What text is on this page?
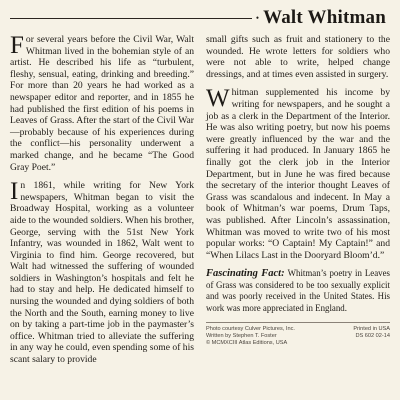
• Walt Whitman

For several years before the Civil War, Walt Whitman lived in the bohemian style of an artist. He described his life as “turbulent, fleshy, sensual, eating, drinking and breeding.” For more than 20 years he had worked as a newspaper editor and reporter, and in 1855 he had published the first edition of his poems in Leaves of Grass. After the start of the Civil War—probably because of his experiences during the conflict—his personality underwent a marked change, and he became “The Good Gray Poet.”

In 1861, while writing for New York newspapers, Whitman began to visit the Broadway Hospital, working as a volunteer aide to the wounded soldiers. When his brother, George, serving with the 51st New York Infantry, was wounded in 1862, Walt went to Virginia to find him. George recovered, but Walt had witnessed the suffering of wounded soldiers in Washington’s hospitals and felt he had to stay and help. He dedicated himself to nursing the wounded and dying soldiers of both the North and the South, earning money to live on by taking a part-time job in the paymaster’s office. Whitman tried to alleviate the suffering in any way he could, even spending some of his scant salary to provide

small gifts such as fruit and stationery to the wounded. He wrote letters for soldiers who were not able to write, helped change dressings, and at times even assisted in surgery.

Whitman supplemented his income by writing for newspapers, and he sought a job as a clerk in the Department of the Interior. He was also writing poetry, but now his poems were greatly influenced by the war and the suffering it had produced. In January 1865 he finally got the clerk job in the Interior Department, but in June he was fired because the secretary of the interior thought Leaves of Grass was scandalous and indecent. In May a book of Whitman’s war poems, Drum Taps, was published. After Lincoln’s assassination, Whitman was moved to write two of his most popular works: “O Captain! My Captain!” and “When Lilacs Last in the Dooryard Bloom’d.”

Fascinating Fact: Whitman’s poetry in Leaves of Grass was considered to be too sexually explicit and was poorly received in the United States. His work was more appreciated in England.

Photo courtesy Culver Pictures, Inc.
Written by Stephen T. Foster
© MCMXCIII Atlas Editions, USA
Printed in USA
DS 602 02-14
